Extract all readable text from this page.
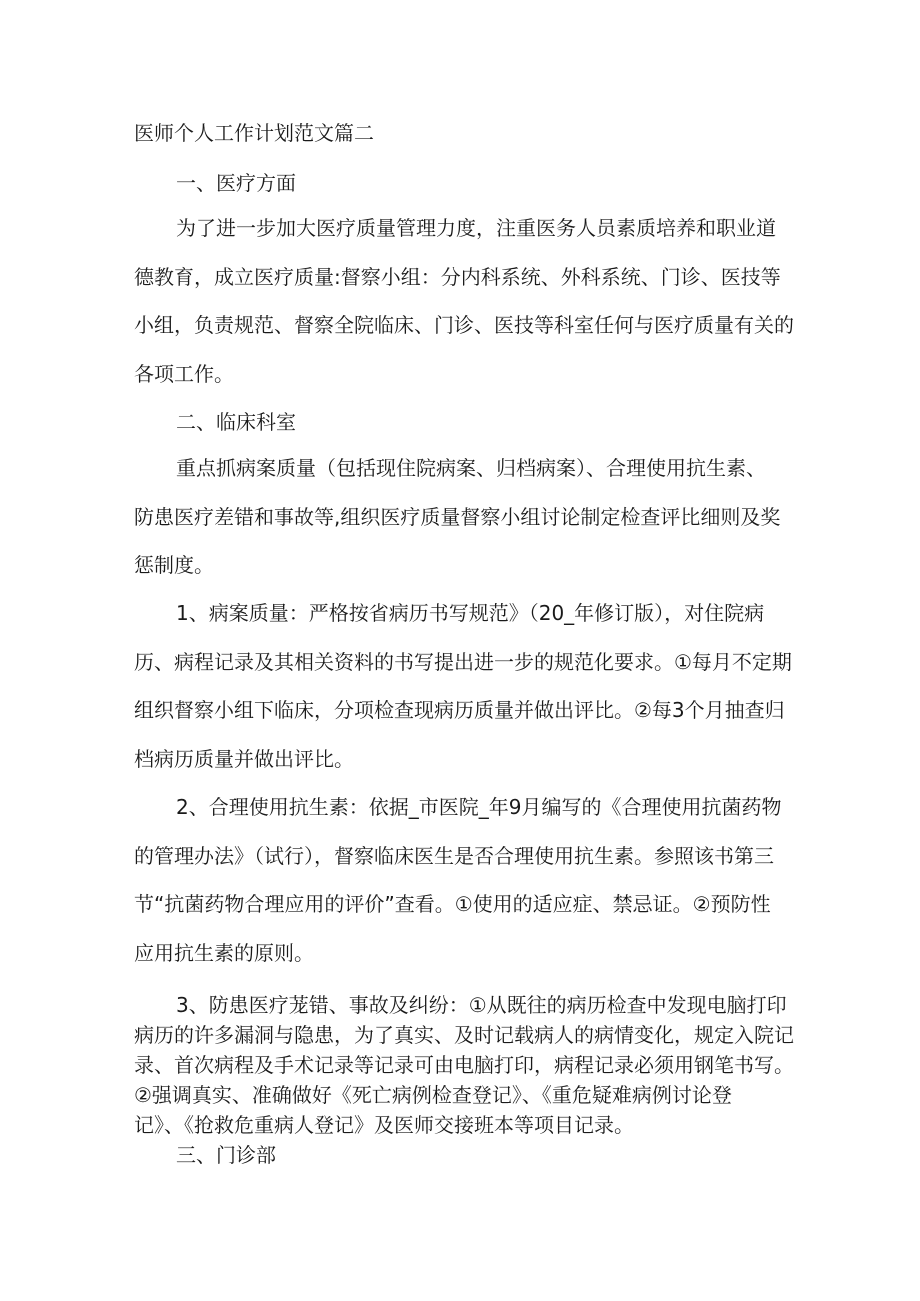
医师个人工作计划范文篇二
一、医疗方面
为了进一步加大医疗质量管理力度，注重医务人员素质培养和职业道
德教育，成立医疗质量:督察小组：分内科系统、外科系统、门诊、医技等
小组，负责规范、督察全院临床、门诊、医技等科室任何与医疗质量有关的
各项工作。
二、临床科室
重点抓病案质量（包括现住院病案、归档病案）、合理使用抗生素、
防患医疗差错和事故等,组织医疗质量督察小组讨论制定检查评比细则及奖
惩制度。
1、病案质量：严格按省病历书写规范》（20_年修订版），对住院病
历、病程记录及其相关资料的书写提出进一步的规范化要求。①每月不定期
组织督察小组下临床，分项检查现病历质量并做出评比。②每3个月抽查归
档病历质量并做出评比。
2、合理使用抗生素：依据_市医院_年9月编写的《合理使用抗菌药物
的管理办法》（试行），督察临床医生是否合理使用抗生素。参照该书第三
节“抗菌药物合理应用的评价”查看。①使用的适应症、禁忌证。②预防性
应用抗生素的原则。
3、防患医疗茏错、事故及纠纷：①从既往的病历检查中发现电脑打印
病历的许多漏洞与隐患，为了真实、及时记载病人的病情变化，规定入院记
录、首次病程及手术记录等记录可由电脑打印，病程记录必须用钢笔书写。
②强调真实、准确做好《死亡病例检查登记》、《重危疑难病例讨论登
记》、《抢救危重病人登记》及医师交接班本等项目记录。
三、门诊部
